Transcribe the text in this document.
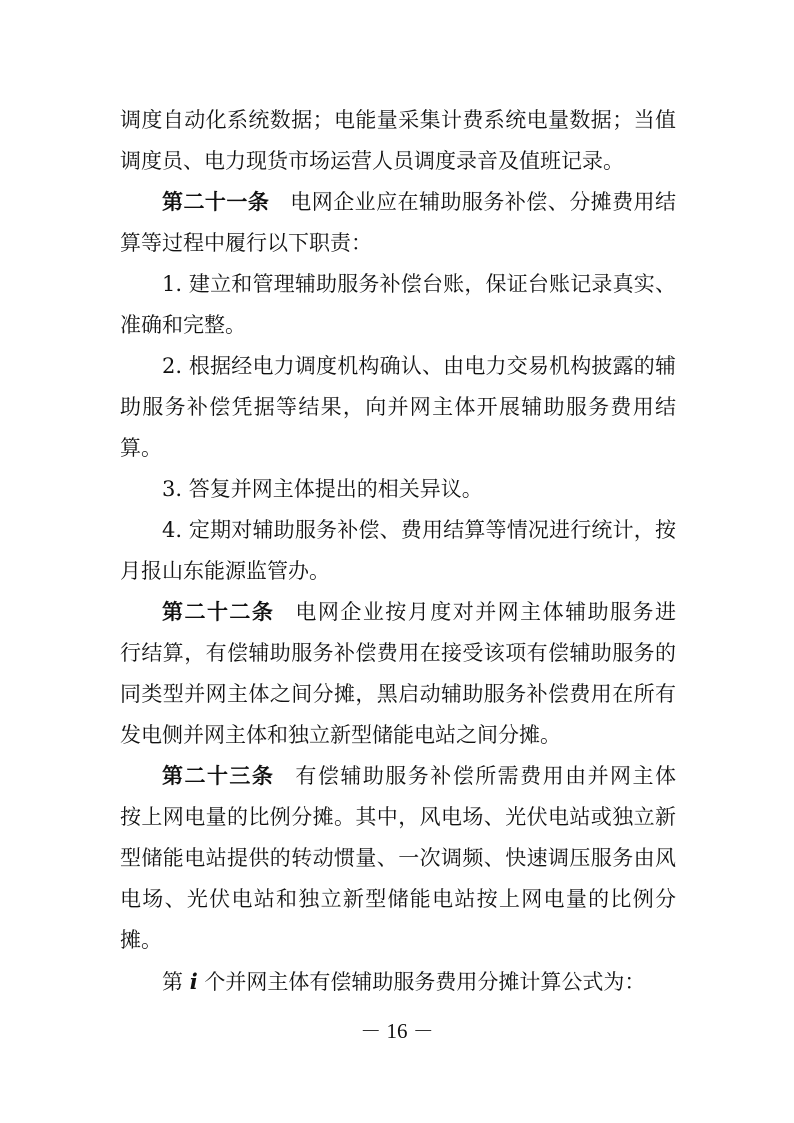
调度自动化系统数据；电能量采集计费系统电量数据；当值
调度员、电力现货市场运营人员调度录音及值班记录。
第二十一条 电网企业应在辅助服务补偿、分摊费用结
算等过程中履行以下职责：
1. 建立和管理辅助服务补偿台账，保证台账记录真实、
准确和完整。
2. 根据经电力调度机构确认、由电力交易机构披露的辅
助服务补偿凭据等结果，向并网主体开展辅助服务费用结
算。
3. 答复并网主体提出的相关异议。
4. 定期对辅助服务补偿、费用结算等情况进行统计，按
月报山东能源监管办。
第二十二条 电网企业按月度对并网主体辅助服务进
行结算，有偿辅助服务补偿费用在接受该项有偿辅助服务的
同类型并网主体之间分摊，黑启动辅助服务补偿费用在所有
发电侧并网主体和独立新型储能电站之间分摊。
第二十三条 有偿辅助服务补偿所需费用由并网主体
按上网电量的比例分摊。其中，风电场、光伏电站或独立新
型储能电站提供的转动惯量、一次调频、快速调压服务由风
电场、光伏电站和独立新型储能电站按上网电量的比例分
摊。
第 i 个并网主体有偿辅助服务费用分摊计算公式为：
－ 16 －
